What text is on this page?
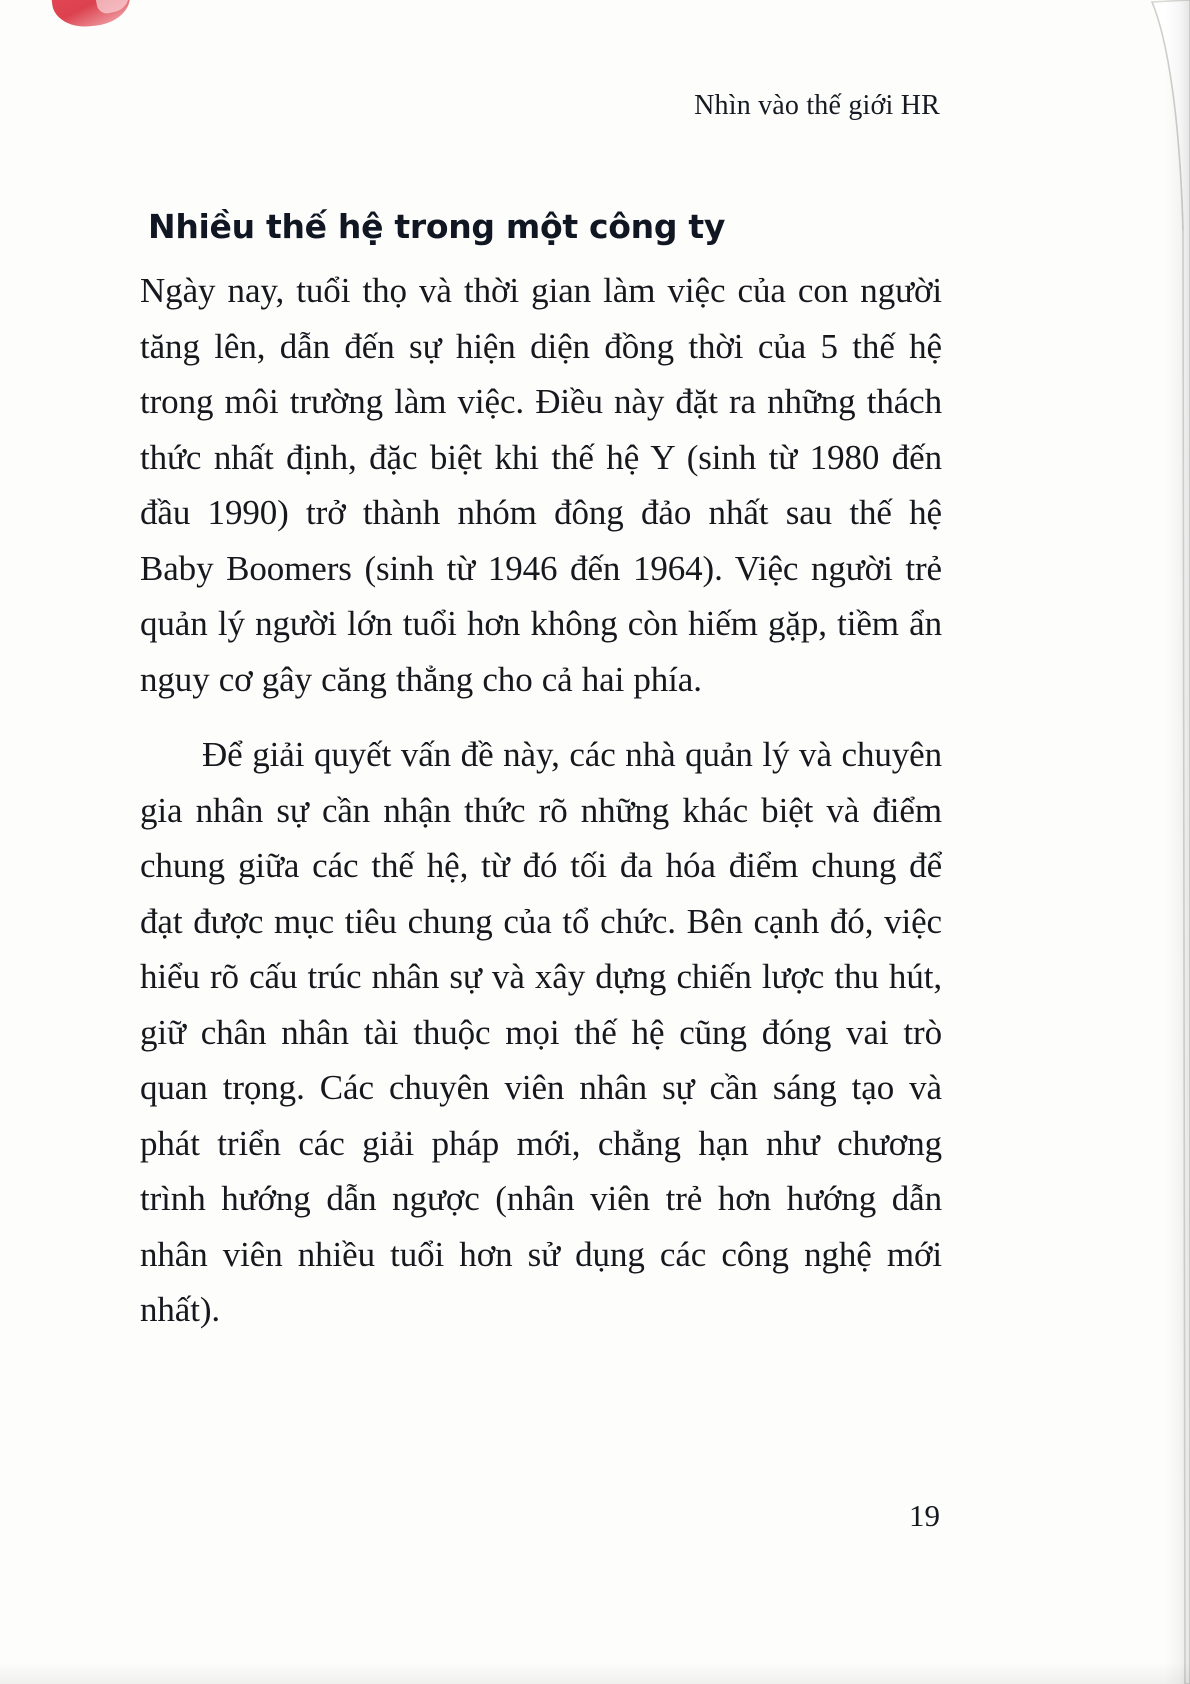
Nhìn vào thế giới HR
Nhiều thế hệ trong một công ty

Ngày nay, tuổi thọ và thời gian làm việc của con người tăng lên, dẫn đến sự hiện diện đồng thời của 5 thế hệ trong môi trường làm việc. Điều này đặt ra những thách thức nhất định, đặc biệt khi thế hệ Y (sinh từ 1980 đến đầu 1990) trở thành nhóm đông đảo nhất sau thế hệ Baby Boomers (sinh từ 1946 đến 1964). Việc người trẻ quản lý người lớn tuổi hơn không còn hiếm gặp, tiềm ẩn nguy cơ gây căng thẳng cho cả hai phía.

Để giải quyết vấn đề này, các nhà quản lý và chuyên gia nhân sự cần nhận thức rõ những khác biệt và điểm chung giữa các thế hệ, từ đó tối đa hóa điểm chung để đạt được mục tiêu chung của tổ chức. Bên cạnh đó, việc hiểu rõ cấu trúc nhân sự và xây dựng chiến lược thu hút, giữ chân nhân tài thuộc mọi thế hệ cũng đóng vai trò quan trọng. Các chuyên viên nhân sự cần sáng tạo và phát triển các giải pháp mới, chẳng hạn như chương trình hướng dẫn ngược (nhân viên trẻ hơn hướng dẫn nhân viên nhiều tuổi hơn sử dụng các công nghệ mới nhất).

19
